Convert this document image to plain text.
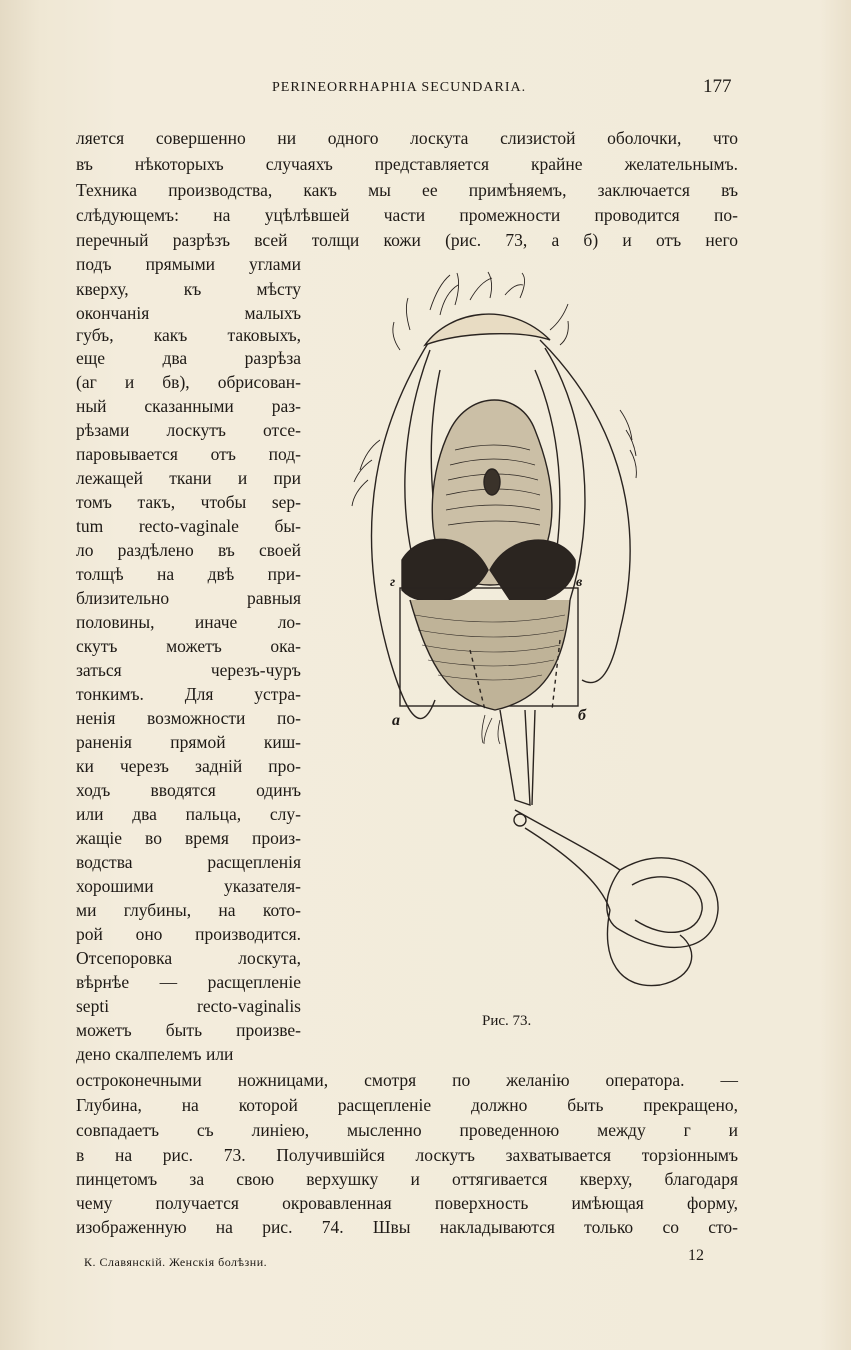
PERINEORRHAPHIA SECUNDARIA.	177
ляется совершенно ни одного лоскута слизистой оболочки, что
въ нѣкоторыхъ случаяхъ представляется крайне желательнымъ.
Техника производства, какъ мы ее примѣняемъ, заключается въ
слѣдующемъ: на уцѣлѣвшей части промежности проводится по-
перечный разрѣзъ всей толщи кожи (рис. 73, а б) и отъ него
подъ прямыми углами
кверху, къ мѣсту
окончанія малыхъ
губъ, какъ таковыхъ,
еще два разрѣза
(аг и бв), обрисован-
ный сказанными раз-
рѣзами лоскутъ отсе-
паровывается отъ под-
лежащей ткани и при
томъ такъ, чтобы sep-
tum recto-vaginale бы-
ло раздѣлено въ своей
толщѣ на двѣ при-
близительно равныя
половины, иначе ло-
скутъ можетъ ока-
заться черезъ-чуръ
тонкимъ. Для устра-
ненія возможности по-
раненія прямой киш-
ки черезъ задній про-
ходъ вводятся одинъ
или два пальца, слу-
жащіе во время произ-
водства расщепленія
хорошими указателя-
ми глубины, на кото-
рой оно производится.
Отсепоровка лоскута,
вѣрнѣе — расщепленіе
septi recto-vaginalis
можетъ быть произве-
дено скалпелемъ или
остроконечными ножницами, смотря по желанію оператора. —
Глубина, на которой расщепленіе должно быть прекращено,
совпадаетъ съ линіею, мысленно проведенною между г и
в на рис. 73. Получившійся лоскутъ захватывается торзіоннымъ
пинцетомъ за свою верхушку и оттягивается кверху, благодаря
чему получается окровавленная поверхность имѣющая форму,
изображенную на рис. 74. Швы накладываются только со сто-
а	б
г	в
Рис. 73.
К. Славянскій. Женскія болѣзни.	12
